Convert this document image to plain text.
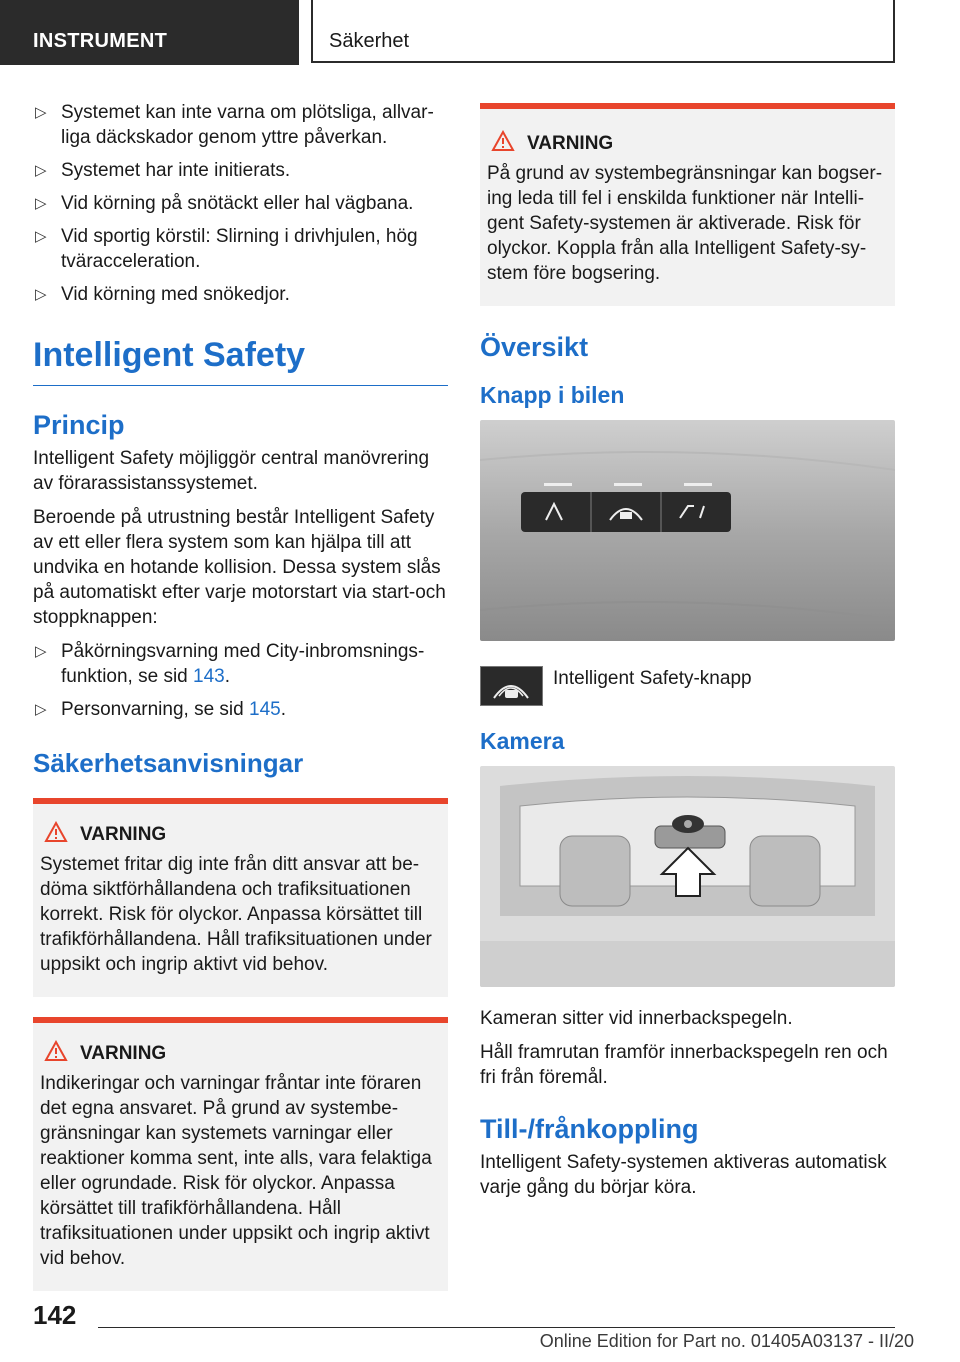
INSTRUMENT	Säkerhet
▷ Systemet kan inte varna om plötsliga, allvarliga däckskador genom yttre påverkan.
▷ Systemet har inte initierats.
▷ Vid körning på snötäckt eller hal vägbana.
▷ Vid sportig körstil: Slirning i drivhjulen, hög tväracceleration.
▷ Vid körning med snökedjor.
Intelligent Safety
Princip

Intelligent Safety möjliggör central manövrering av förarassistanssystemet.

Beroende på utrustning består Intelligent Safety av ett eller flera system som kan hjälpa till att undvika en hotande kollision. Dessa system slås på automatiskt efter varje motorstart via start-och stoppknappen:

▷ Påkörningsvarning med City-inbromsningsfunktion, se sid 143.
▷ Personvarning, se sid 145.
Säkerhetsanvisningar
VARNING
Systemet fritar dig inte från ditt ansvar att bedöma siktförhållandena och trafiksituationen korrekt. Risk för olyckor. Anpassa körsättet till trafikförhållandena. Håll trafiksituationen under uppsikt och ingrip aktivt vid behov.
VARNING
Indikeringar och varningar fråntar inte föraren det egna ansvaret. På grund av systembegränsningar kan systemets varningar eller reaktioner komma sent, inte alls, vara felaktiga eller ogrundade. Risk för olyckor. Anpassa körsättet till trafikförhållandena. Håll trafiksituationen under uppsikt och ingrip aktivt vid behov.
VARNING
På grund av systembegränsningar kan bogsering leda till fel i enskilda funktioner när Intelligent Safety-systemen är aktiverade. Risk för olyckor. Koppla från alla Intelligent Safety-system före bogsering.
Översikt
Knapp i bilen
Intelligent Safety-knapp
Kamera

Kameran sitter vid innerbackspegeln.

Håll framrutan framför innerbackspegeln ren och fri från föremål.

Till-/frånkoppling

Intelligent Safety-systemen aktiveras automatisk varje gång du börjar köra.

142
Online Edition for Part no. 01405A03137 - II/20
